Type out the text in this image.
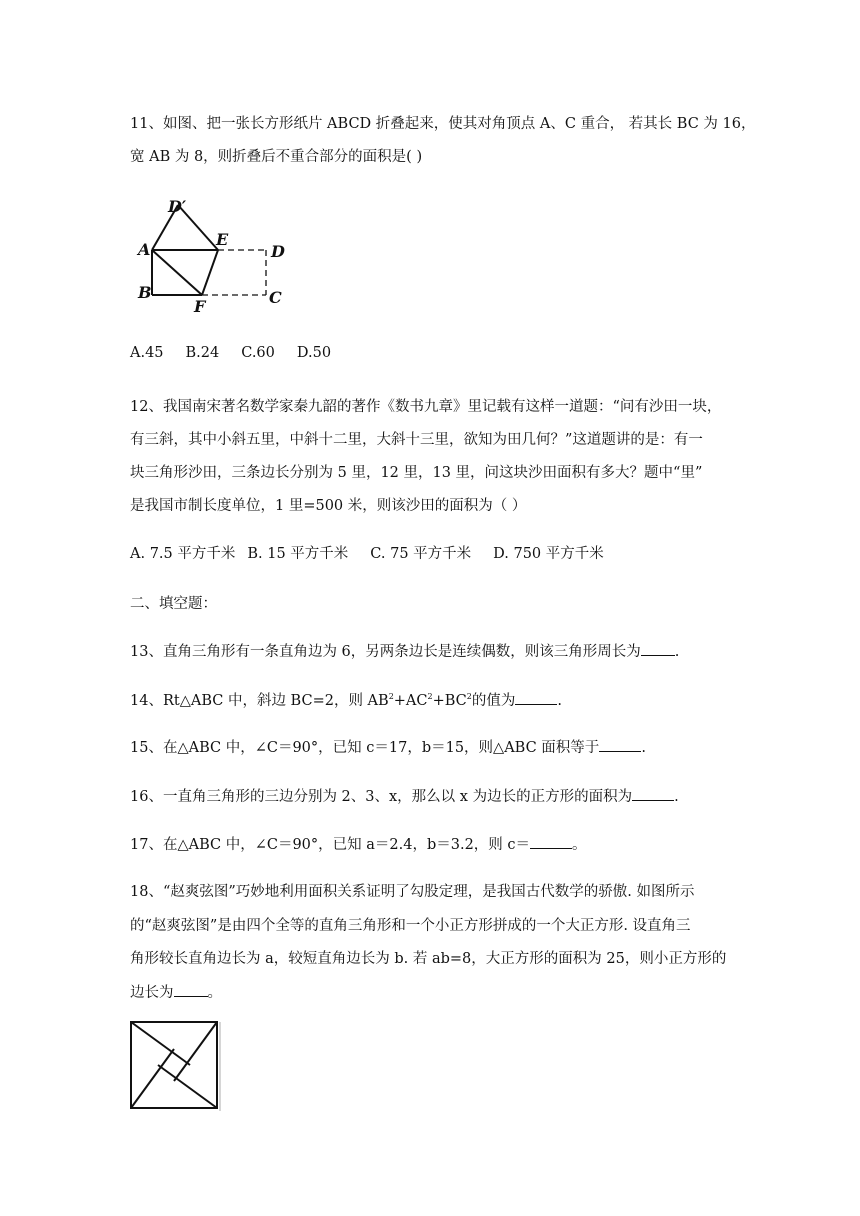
11、如图、把一张长方形纸片 ABCD 折叠起来，使其对角顶点 A、C 重合， 若其长 BC 为 16，
宽 AB 为 8，则折叠后不重合部分的面积是( )
D′
A
E
D
B
F	C
A.45 B.24 C.60 D.50
12、我国南宋著名数学家秦九韶的著作《数书九章》里记载有这样一道题：“问有沙田一块，
有三斜，其中小斜五里，中斜十二里，大斜十三里，欲知为田几何？”这道题讲的是：有一
块三角形沙田，三条边长分别为 5 里，12 里，13 里，问这块沙田面积有多大？题中“里”
是我国市制长度单位，1 里=500 米，则该沙田的面积为（ ）
A. 7.5 平方千米 B. 15 平方千米 C. 75 平方千米 D. 750 平方千米
二、填空题：
13、直角三角形有一条直角边为 6，另两条边长是连续偶数，则该三角形周长为 .
14、Rt△ABC 中，斜边 BC=2，则 $AB^2+AC^2+BC^2$的值为	.
15、在△ABC 中，∠C＝90°，已知 c＝17，b＝15，则△ABC 面积等于	.
16、一直角三角形的三边分别为 2、3、x，那么以 x 为边长的正方形的面积为	.
17、在△ABC 中，∠C＝90°，已知 a＝2.4，b＝3.2，则 c＝	。
18、“赵爽弦图”巧妙地利用面积关系证明了勾股定理，是我国古代数学的骄傲. 如图所示
的“赵爽弦图”是由四个全等的直角三角形和一个小正方形拼成的一个大正方形. 设直角三
角形较长直角边长为 a，较短直角边长为 b. 若 ab=8，大正方形的面积为 25，则小正方形的
边长为 。
